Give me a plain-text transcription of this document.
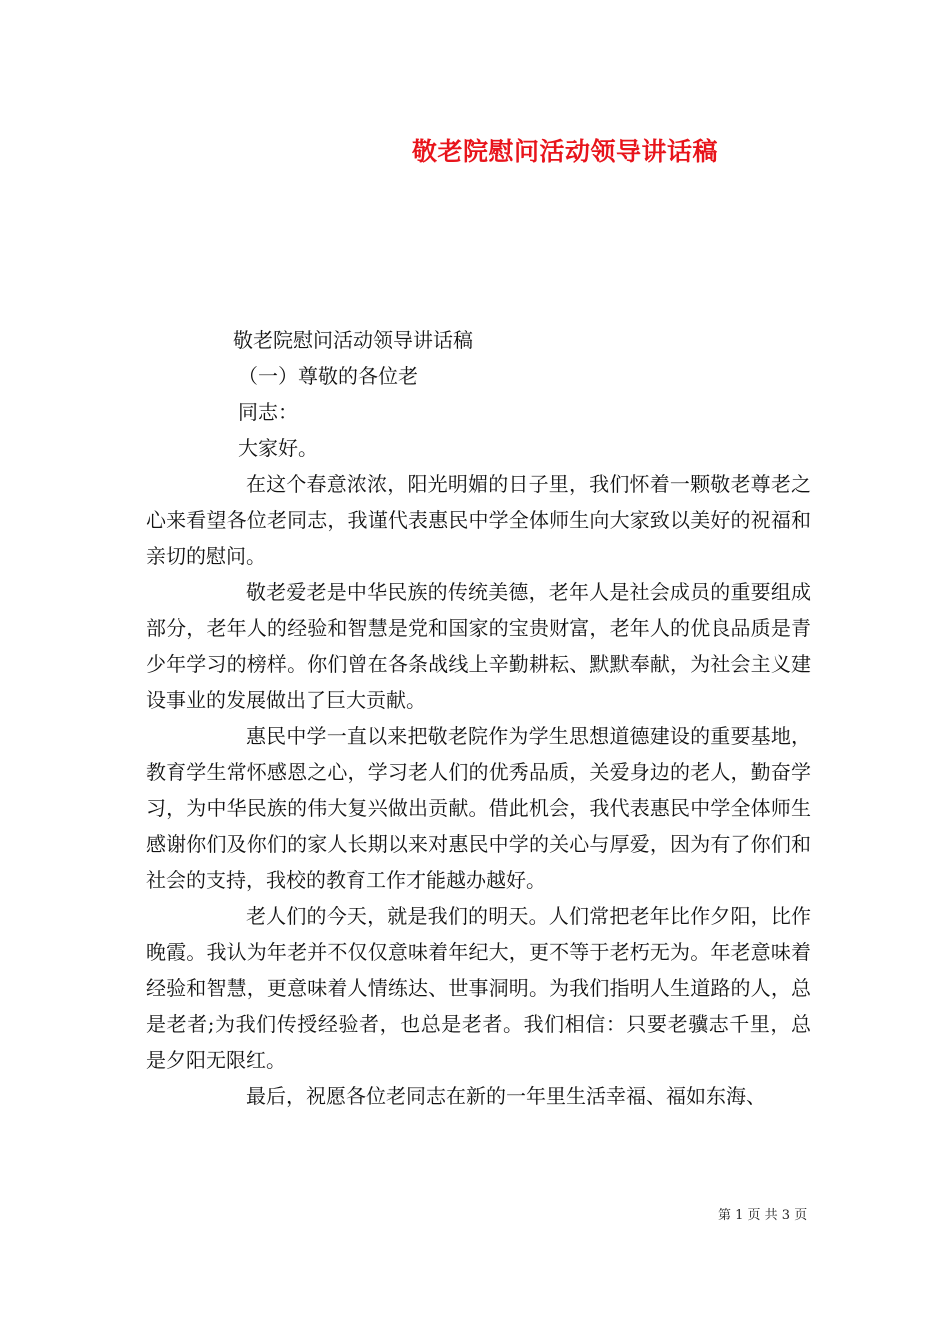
敬老院慰问活动领导讲话稿

敬老院慰问活动领导讲话稿

（一）尊敬的各位老

同志：

大家好。

在这个春意浓浓，阳光明媚的日子里，我们怀着一颗敬老尊老之心来看望各位老同志，我谨代表惠民中学全体师生向大家致以美好的祝福和亲切的慰问。

敬老爱老是中华民族的传统美德，老年人是社会成员的重要组成部分，老年人的经验和智慧是党和国家的宝贵财富，老年人的优良品质是青少年学习的榜样。你们曾在各条战线上辛勤耕耘、默默奉献，为社会主义建设事业的发展做出了巨大贡献。

惠民中学一直以来把敬老院作为学生思想道德建设的重要基地，教育学生常怀感恩之心，学习老人们的优秀品质，关爱身边的老人，勤奋学习，为中华民族的伟大复兴做出贡献。借此机会，我代表惠民中学全体师生感谢你们及你们的家人长期以来对惠民中学的关心与厚爱，因为有了你们和社会的支持，我校的教育工作才能越办越好。

老人们的今天，就是我们的明天。人们常把老年比作夕阳，比作晚霞。我认为年老并不仅仅意味着年纪大，更不等于老朽无为。年老意味着经验和智慧，更意味着人情练达、世事洞明。为我们指明人生道路的人，总是老者;为我们传授经验者，也总是老者。我们相信：只要老骥志千里，总是夕阳无限红。

最后，祝愿各位老同志在新的一年里生活幸福、福如东海、

第 1 页 共 3 页
